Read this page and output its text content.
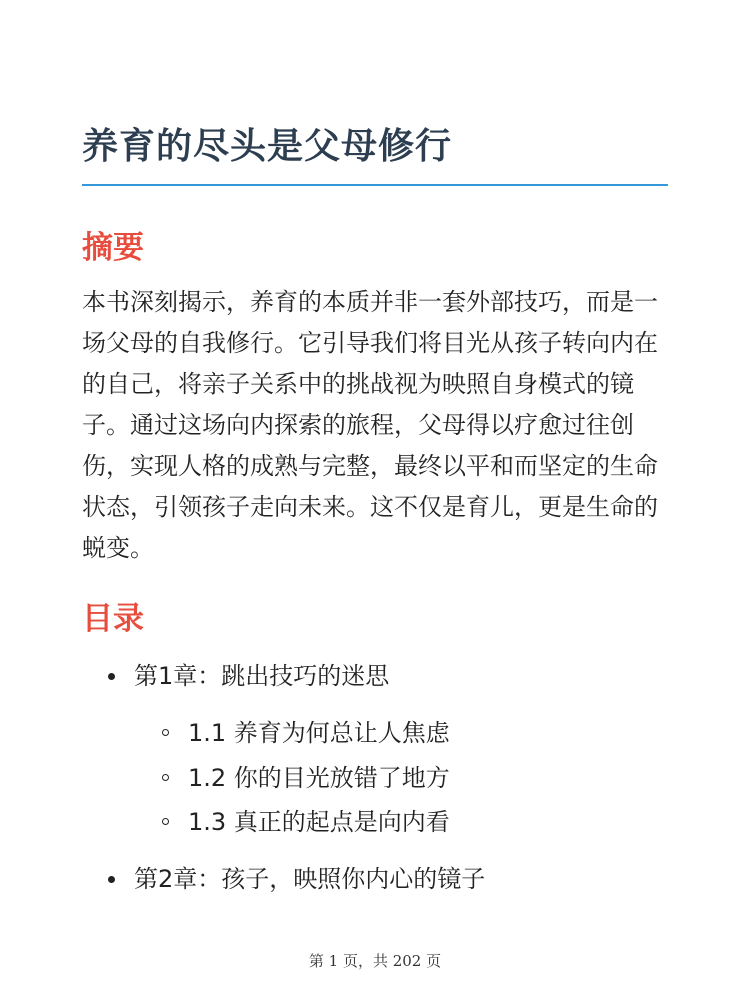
养育的尽头是父母修行
摘要

本书深刻揭示，养育的本质并非一套外部技巧，而是一场父母的自我修行。它引导我们将目光从孩子转向内在的自己，将亲子关系中的挑战视为映照自身模式的镜子。通过这场向内探索的旅程，父母得以疗愈过往创伤，实现人格的成熟与完整，最终以平和而坚定的生命状态，引领孩子走向未来。这不仅是育儿，更是生命的蜕变。

目录
第1章：跳出技巧的迷思
1.1 养育为何总让人焦虑
1.2 你的目光放错了地方
1.3 真正的起点是向内看
第2章：孩子，映照你内心的镜子
第 1 页，共 202 页
